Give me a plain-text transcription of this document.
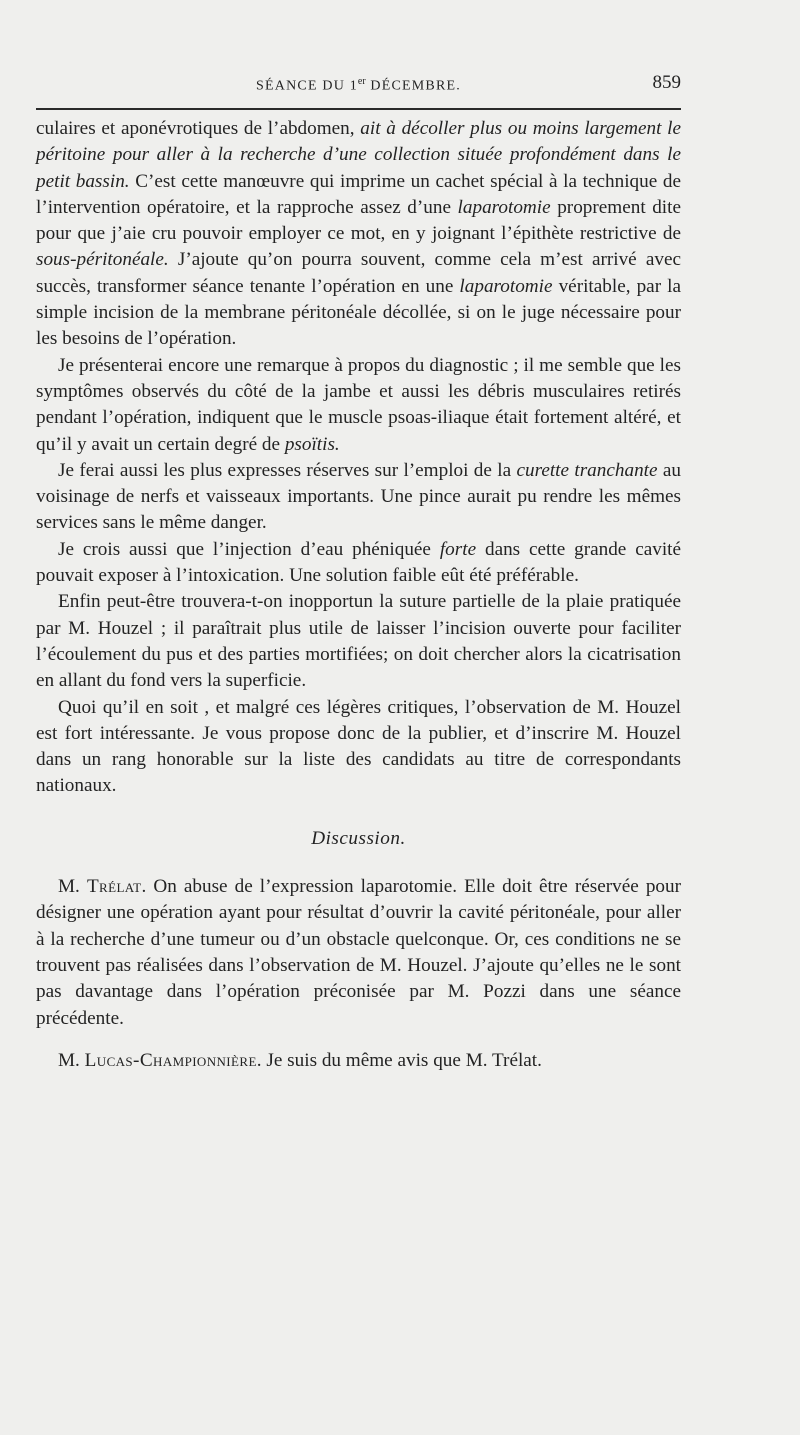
SÉANCE DU 1er DÉCEMBRE.	859

culaires et aponévrotiques de l’abdomen, ait à décoller plus ou moins largement le péritoine pour aller à la recherche d’une collection située profondément dans le petit bassin. C’est cette manœuvre qui imprime un cachet spécial à la technique de l’intervention opératoire, et la rapproche assez d’une laparotomie proprement dite pour que j’aie cru pouvoir employer ce mot, en y joignant l’épithète restrictive de sous-péritonéale. J’ajoute qu’on pourra souvent, comme cela m’est arrivé avec succès, transformer séance tenante l’opération en une laparotomie véritable, par la simple incision de la membrane péritonéale décollée, si on le juge nécessaire pour les besoins de l’opération.

Je présenterai encore une remarque à propos du diagnostic ; il me semble que les symptômes observés du côté de la jambe et aussi les débris musculaires retirés pendant l’opération, indiquent que le muscle psoas-iliaque était fortement altéré, et qu’il y avait un certain degré de psoïtis.

Je ferai aussi les plus expresses réserves sur l’emploi de la curette tranchante au voisinage de nerfs et vaisseaux importants. Une pince aurait pu rendre les mêmes services sans le même danger.

Je crois aussi que l’injection d’eau phéniquée forte dans cette grande cavité pouvait exposer à l’intoxication. Une solution faible eût été préférable.

Enfin peut-être trouvera-t-on inopportun la suture partielle de la plaie pratiquée par M. Houzel ; il paraîtrait plus utile de laisser l’incision ouverte pour faciliter l’écoulement du pus et des parties mortifiées; on doit chercher alors la cicatrisation en allant du fond vers la superficie.

Quoi qu’il en soit , et malgré ces légères critiques, l’observation de M. Houzel est fort intéressante. Je vous propose donc de la publier, et d’inscrire M. Houzel dans un rang honorable sur la liste des candidats au titre de correspondants nationaux.

Discussion.

M. Trélat. On abuse de l’expression laparotomie. Elle doit être réservée pour désigner une opération ayant pour résultat d’ouvrir la cavité péritonéale, pour aller à la recherche d’une tumeur ou d’un obstacle quelconque. Or, ces conditions ne se trouvent pas réalisées dans l’observation de M. Houzel. J’ajoute qu’elles ne le sont pas davantage dans l’opération préconisée par M. Pozzi dans une séance précédente.

M. Lucas-Championnière. Je suis du même avis que M. Trélat.
